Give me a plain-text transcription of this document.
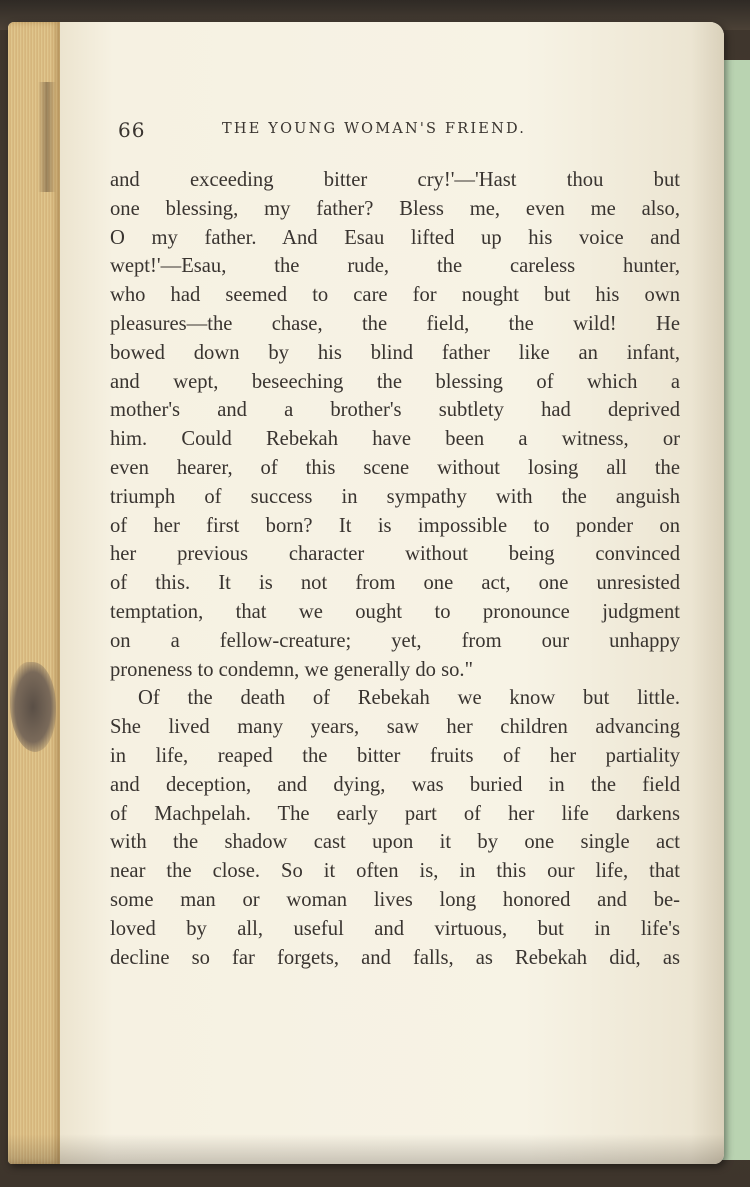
66	THE YOUNG WOMAN'S FRIEND.
and exceeding bitter cry!'—'Hast thou but
one blessing, my father? Bless me, even me also,
O my father. And Esau lifted up his voice and
wept!'—Esau, the rude, the careless hunter,
who had seemed to care for nought but his own
pleasures—the chase, the field, the wild! He
bowed down by his blind father like an infant,
and wept, beseeching the blessing of which a
mother's and a brother's subtlety had deprived
him. Could Rebekah have been a witness, or
even hearer, of this scene without losing all the
triumph of success in sympathy with the anguish
of her first born? It is impossible to ponder on
her previous character without being convinced
of this. It is not from one act, one unresisted
temptation, that we ought to pronounce judgment
on a fellow-creature; yet, from our unhappy
proneness to condemn, we generally do so."
Of the death of Rebekah we know but little.
She lived many years, saw her children advancing
in life, reaped the bitter fruits of her partiality
and deception, and dying, was buried in the field
of Machpelah. The early part of her life darkens
with the shadow cast upon it by one single act
near the close. So it often is, in this our life, that
some man or woman lives long honored and be-
loved by all, useful and virtuous, but in life's
decline so far forgets, and falls, as Rebekah did, as
